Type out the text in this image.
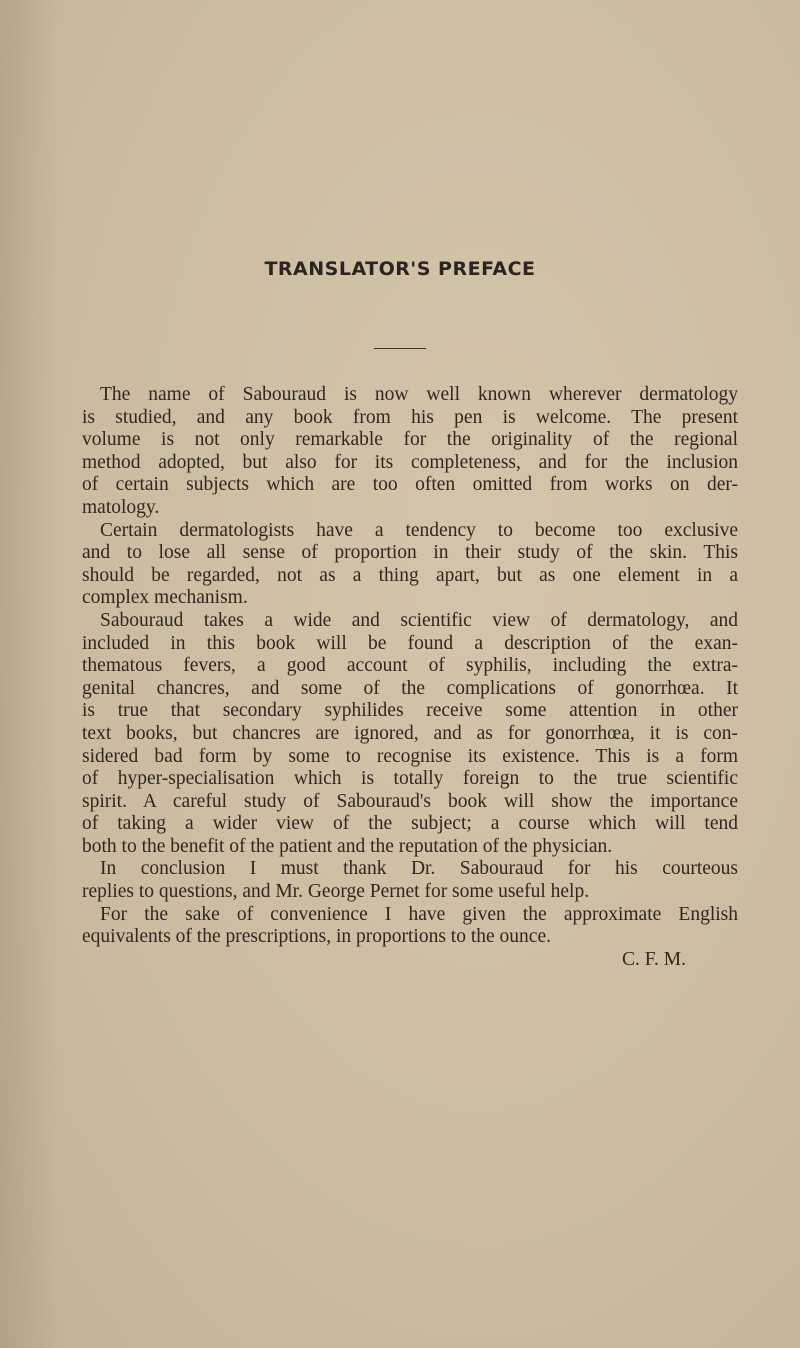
TRANSLATOR'S PREFACE
The name of Sabouraud is now well known wherever dermatology
is studied, and any book from his pen is welcome. The present
volume is not only remarkable for the originality of the regional
method adopted, but also for its completeness, and for the inclusion
of certain subjects which are too often omitted from works on der-
matology.
Certain dermatologists have a tendency to become too exclusive
and to lose all sense of proportion in their study of the skin. This
should be regarded, not as a thing apart, but as one element in a
complex mechanism.
Sabouraud takes a wide and scientific view of dermatology, and
included in this book will be found a description of the exan-
thematous fevers, a good account of syphilis, including the extra-
genital chancres, and some of the complications of gonorrhœa. It
is true that secondary syphilides receive some attention in other
text books, but chancres are ignored, and as for gonorrhœa, it is con-
sidered bad form by some to recognise its existence. This is a form
of hyper-specialisation which is totally foreign to the true scientific
spirit. A careful study of Sabouraud's book will show the importance
of taking a wider view of the subject; a course which will tend
both to the benefit of the patient and the reputation of the physician.
In conclusion I must thank Dr. Sabouraud for his courteous
replies to questions, and Mr. George Pernet for some useful help.
For the sake of convenience I have given the approximate English
equivalents of the prescriptions, in proportions to the ounce.
C. F. M.
